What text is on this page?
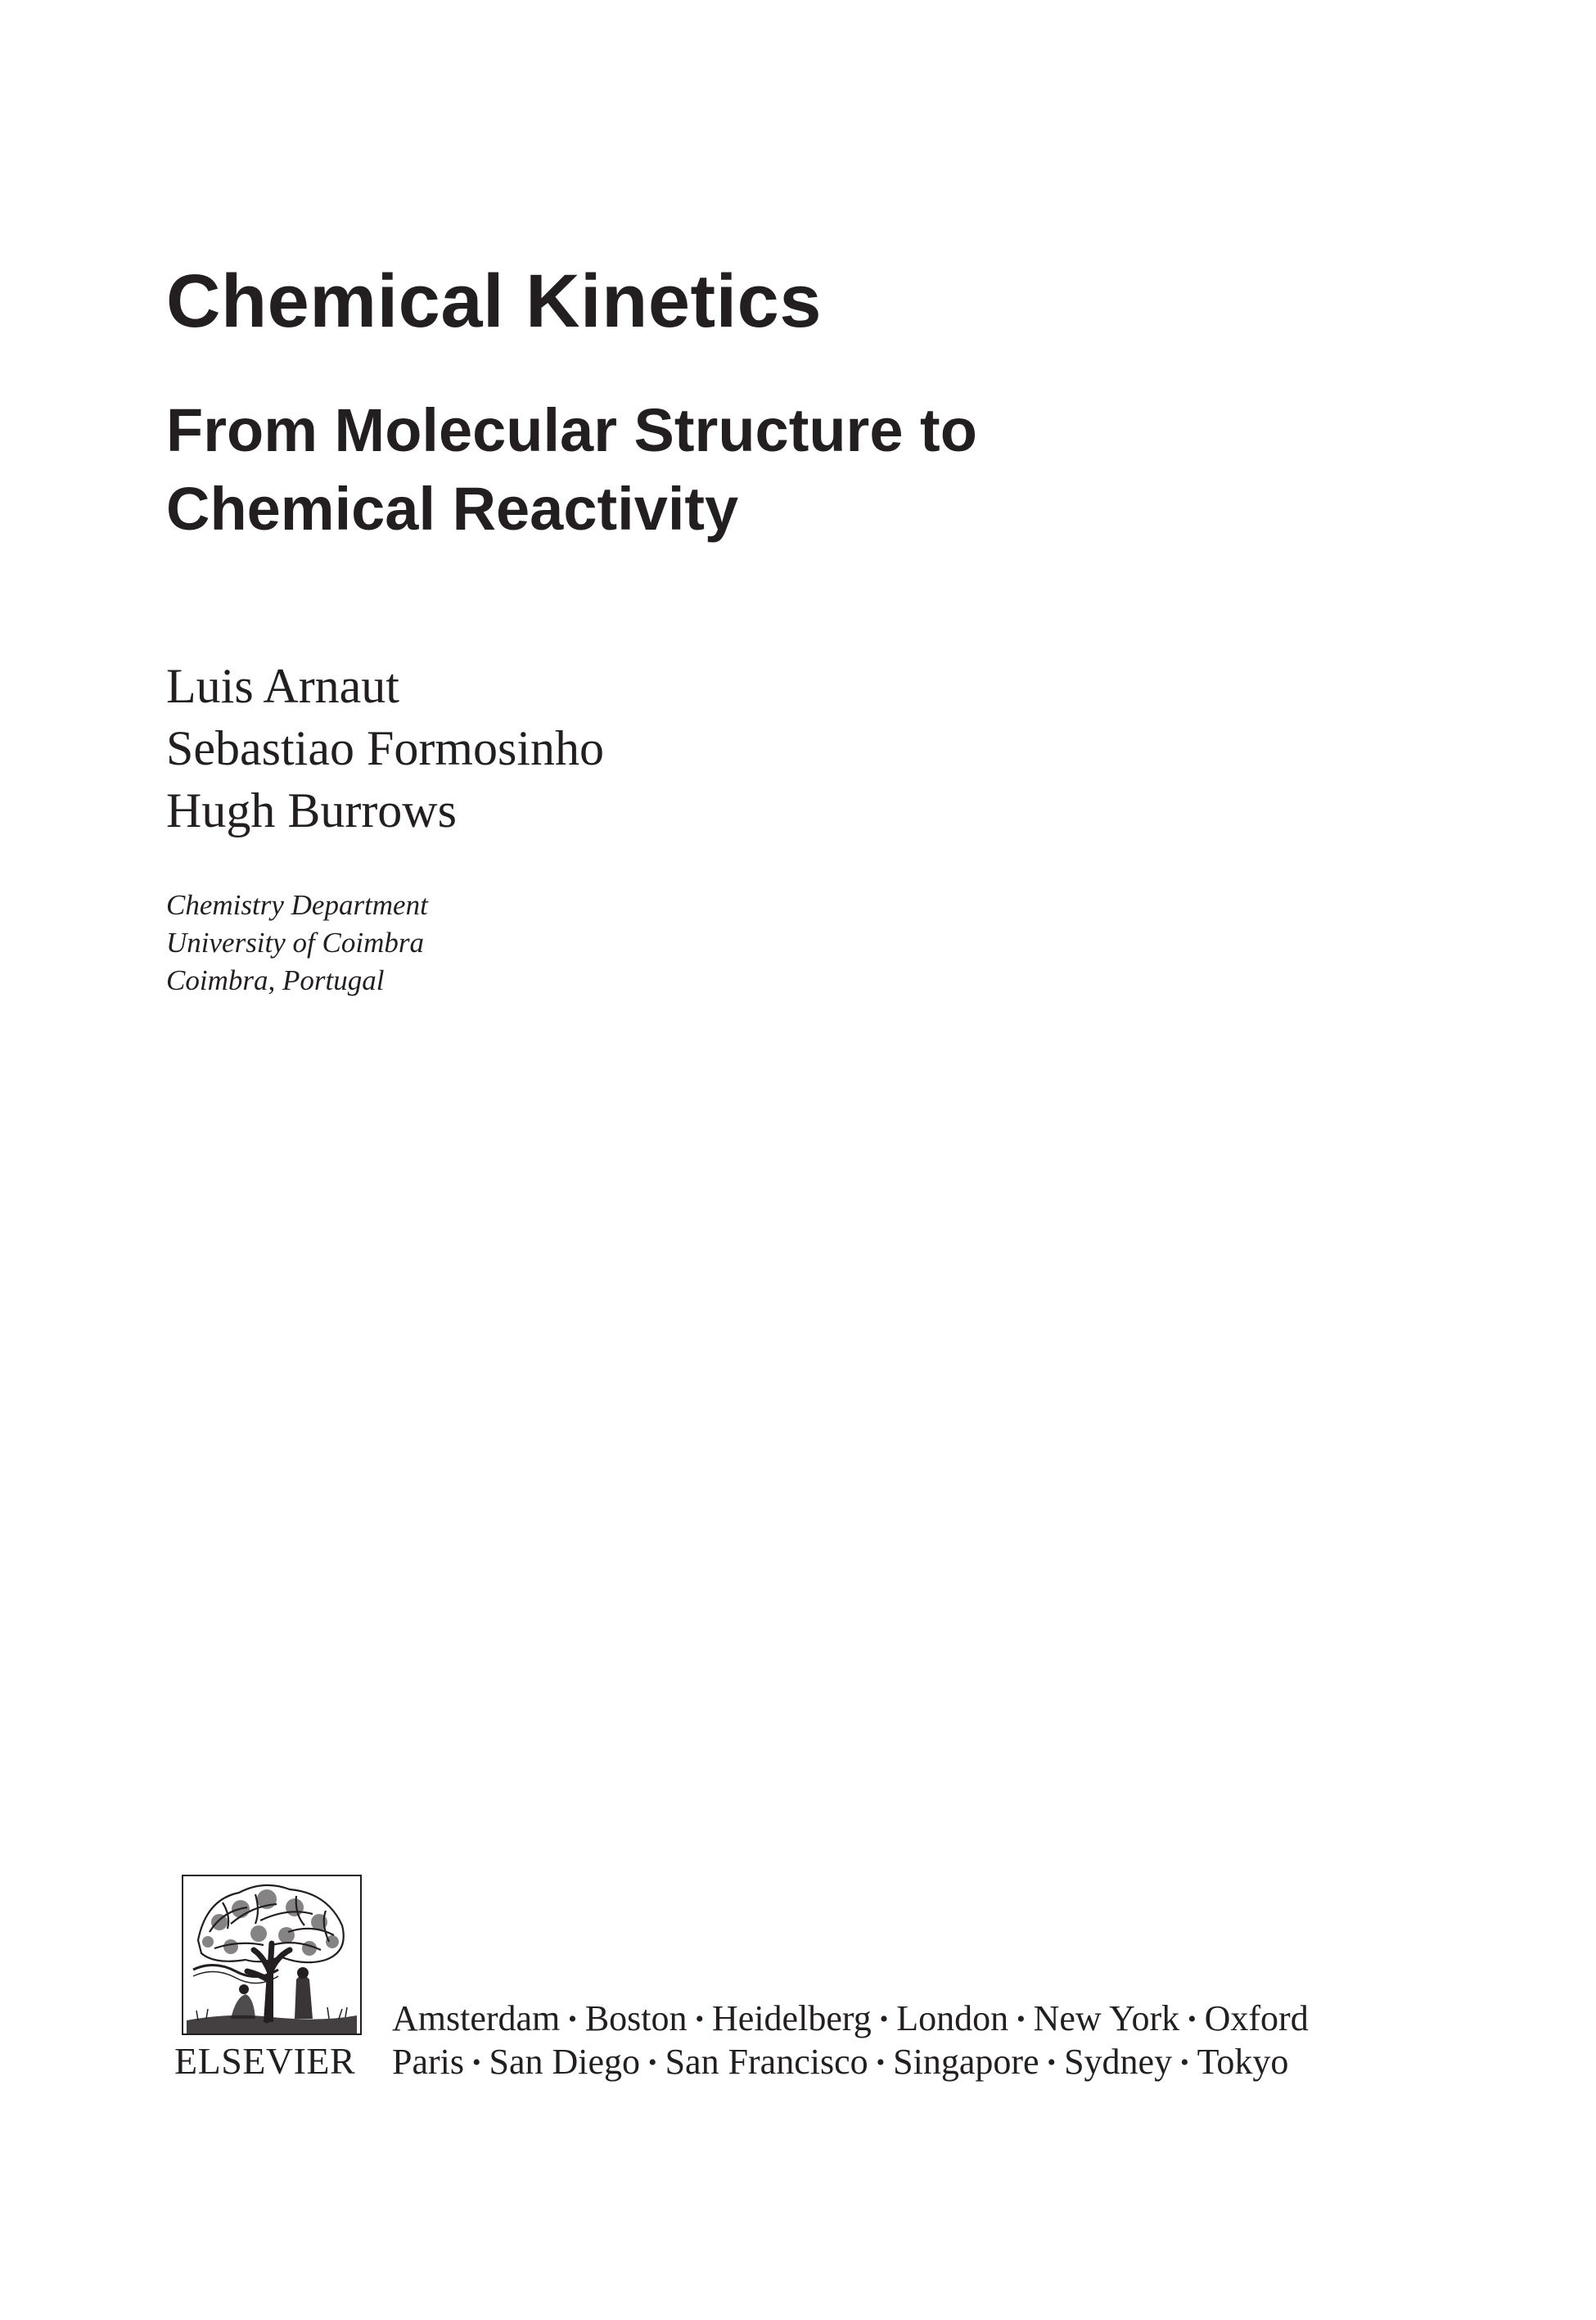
Chemical Kinetics
From Molecular Structure to
Chemical Reactivity
Luis Arnaut
Sebastiao Formosinho
Hugh Burrows
Chemistry Department
University of Coimbra
Coimbra, Portugal
ELSEVIER
Amsterdam • Boston • Heidelberg • London • New York • Oxford
Paris • San Diego • San Francisco • Singapore • Sydney • Tokyo
